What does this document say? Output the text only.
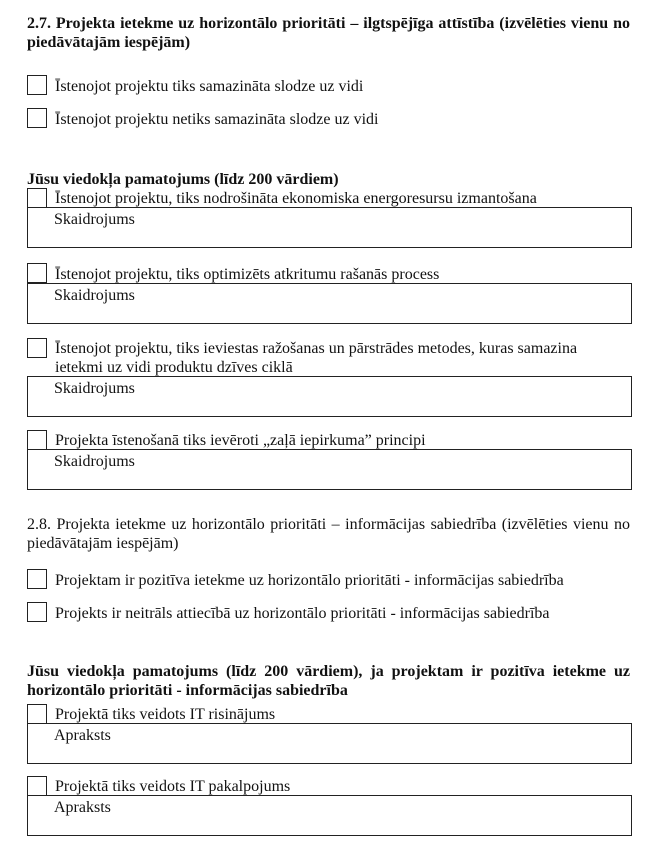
2.7. Projekta ietekme uz horizontālo prioritāti – ilgtspējīga attīstība (izvēlēties vienu no piedāvātajām iespējām)
Īstenojot projektu tiks samazināta slodze uz vidi
Īstenojot projektu netiks samazināta slodze uz vidi
Jūsu viedokļa pamatojums (līdz 200 vārdiem)
Īstenojot projektu, tiks nodrošināta ekonomiska energoresursu izmantošana
Skaidrojums
Īstenojot projektu, tiks optimizēts atkritumu rašanās process
Skaidrojums
Īstenojot projektu, tiks ieviestas ražošanas un pārstrādes metodes, kuras samazina ietekmi uz vidi produktu dzīves ciklā
Skaidrojums
Projekta īstenošanā tiks ievēroti „zaļā iepirkuma” principi
Skaidrojums
2.8. Projekta ietekme uz horizontālo prioritāti – informācijas sabiedrība (izvēlēties vienu no piedāvātajām iespējām)
Projektam ir pozitīva ietekme uz horizontālo prioritāti - informācijas sabiedrība
Projekts ir neitrāls attiecībā uz horizontālo prioritāti - informācijas sabiedrība
Jūsu viedokļa pamatojums (līdz 200 vārdiem), ja projektam ir pozitīva ietekme uz horizontālo prioritāti - informācijas sabiedrība
Projektā tiks veidots IT risinājums
Apraksts
Projektā tiks veidots IT pakalpojums
Apraksts
